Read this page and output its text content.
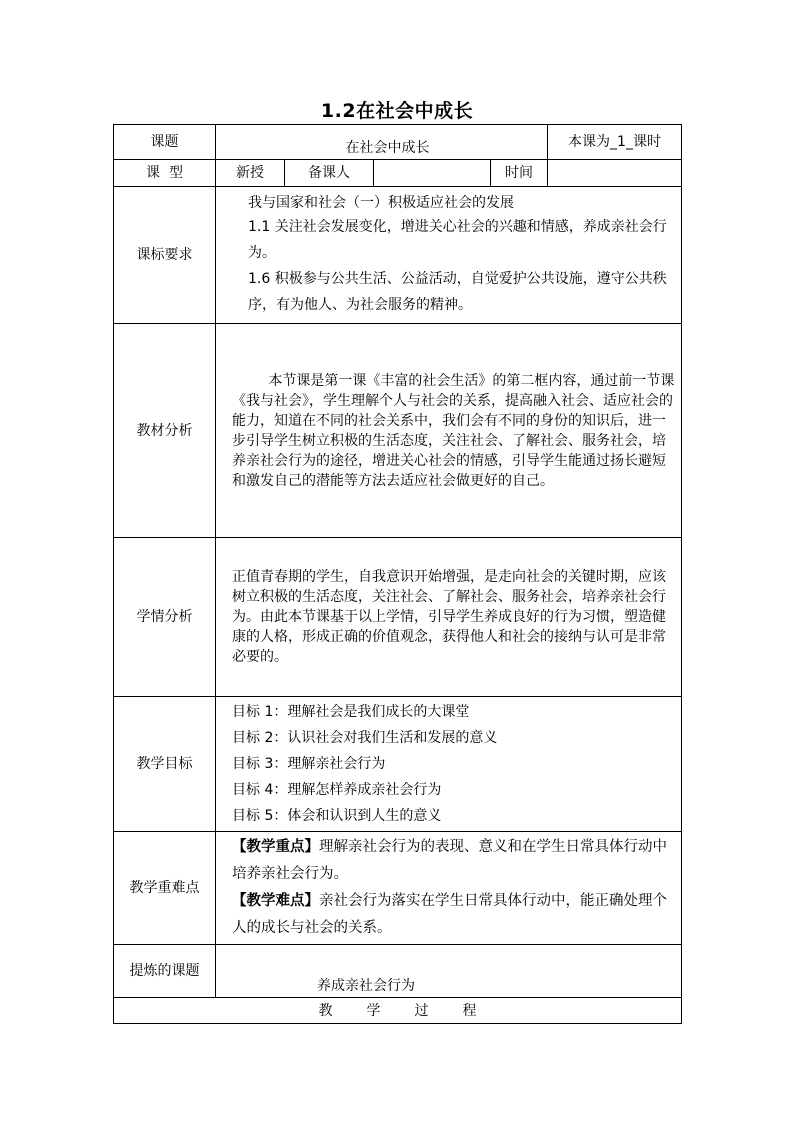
1.2在社会中成长
课题	在社会中成长				本课为_1_课时
课  型	新授	备课人		时间	
课标要求	我与国家和社会（一）积极适应社会的发展
1.1 关注社会发展变化，增进关心社会的兴趣和情感，养成亲社会行为。
1.6 积极参与公共生活、公益活动，自觉爱护公共设施，遵守公共秩序，有为他人、为社会服务的精神。				

教材分析	本节课是第一课《丰富的社会生活》的第二框内容，通过前一节课《我与社会》，学生理解个人与社会的关系，提高融入社会、适应社会的能力，知道在不同的社会关系中，我们会有不同的身份的知识后，进一步引导学生树立积极的生活态度，关注社会、了解社会、服务社会，培养亲社会行为的途径，增进关心社会的情感，引导学生能通过扬长避短和激发自己的潜能等方法去适应社会做更好的自己。				
学情分析	正值青春期的学生，自我意识开始增强，是走向社会的关键时期，应该树立积极的生活态度，关注社会、了解社会、服务社会，培养亲社会行为。由此本节课基于以上学情，引导学生养成良好的行为习惯，塑造健康的人格，形成正确的价值观念，获得他人和社会的接纳与认可是非常必要的。				
教学目标	目标 1：理解社会是我们成长的大课堂
目标 2：认识社会对我们生活和发展的意义
目标 3：理解亲社会行为
目标 4：理解怎样养成亲社会行为
目标 5：体会和认识到人生的意义				

教学重难点	【教学重点】理解亲社会行为的表现、意义和在学生日常具体行动中培养亲社会行为。
【教学难点】亲社会行为落实在学生日常具体行动中，能正确处理个人的成长与社会的关系。				

提炼的课题	养成亲社会行为				
教学过程					
